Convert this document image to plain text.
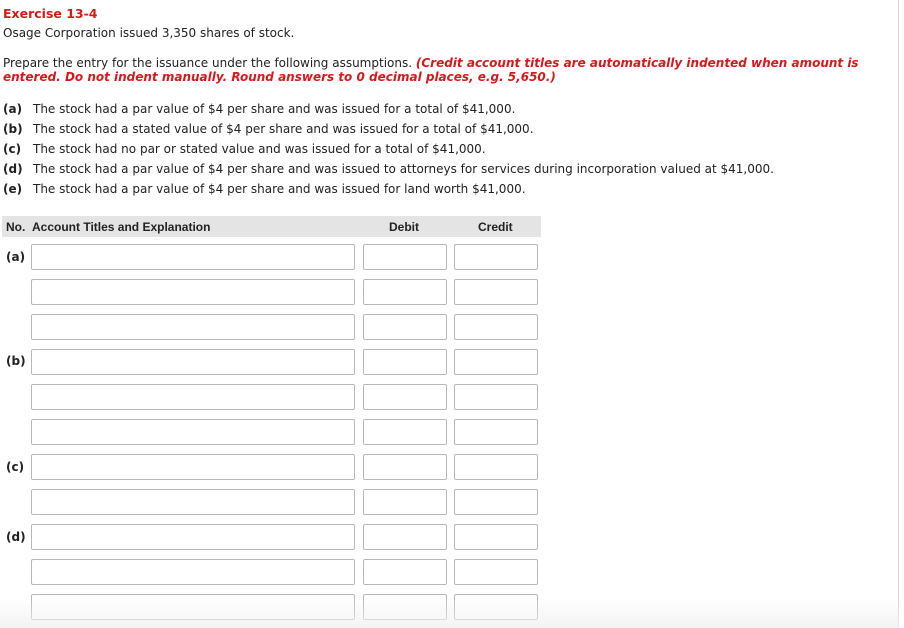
Exercise 13-4
Osage Corporation issued 3,350 shares of stock.
Prepare the entry for the issuance under the following assumptions. (Credit account titles are automatically indented when amount is entered. Do not indent manually. Round answers to 0 decimal places, e.g. 5,650.)
(a) The stock had a par value of $4 per share and was issued for a total of $41,000.
(b) The stock had a stated value of $4 per share and was issued for a total of $41,000.
(c) The stock had no par or stated value and was issued for a total of $41,000.
(d) The stock had a par value of $4 per share and was issued to attorneys for services during incorporation valued at $41,000.
(e) The stock had a par value of $4 per share and was issued for land worth $41,000.
No. Account Titles and Explanation	Debit	Credit
(a)
(b)
(c)
(d)
